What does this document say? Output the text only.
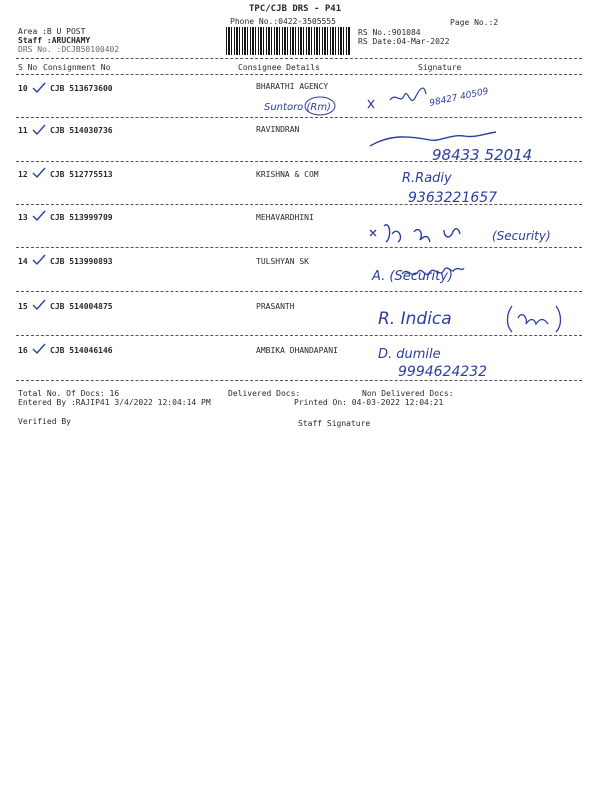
TPC/CJB DRS - P41
Phone No.:0422-3505555	Page No.:2
Area :B U POST
Staff :ARUCHAMY
DRS No. :DCJB50100402
RS No.:901084
RS Date:04-Mar-2022
S No Consignment No	Consignee Details	Signature
10	CJB 513673600	BHARATHI AGENCY
Suntoro (Rm)	98427 40509
11	CJB 514030736	RAVINDRAN
98433 52014
12	CJB 512775513	KRISHNA & COM	R.Radiy
9363221657
13	CJB 513999709	MEHAVARDHINI
(Security)
14	CJB 513990893	TULSHYAN SK
A. (Security)
15	CJB 514004875	PRASANTH
R. Indica
16	CJB 514046146	AMBIKA DHANDAPANI	D. dumile
9994624232
Total No. Of Docs: 16	Delivered Docs:	Non Delivered Docs:
Entered By :RAJIP41 3/4/2022 12:04:14 PM	Printed On: 04-03-2022 12:04:21
Verified By	Staff Signature
